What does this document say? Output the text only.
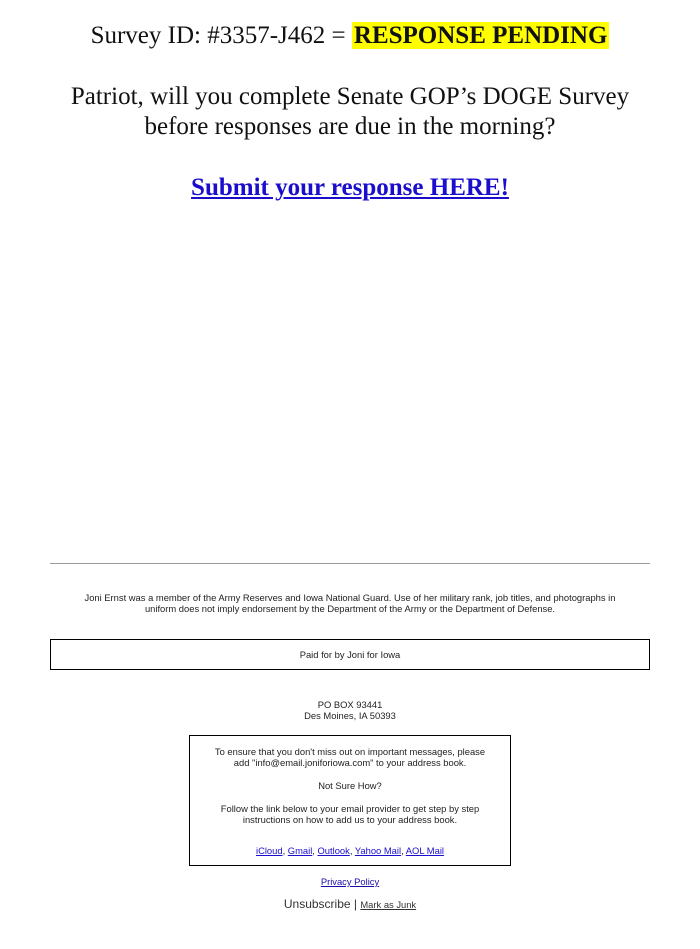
Survey ID: #3357-J462 = RESPONSE PENDING
Patriot, will you complete Senate GOP’s DOGE Survey
before responses are due in the morning?
Submit your response HERE!
Joni Ernst was a member of the Army Reserves and Iowa National Guard. Use of her military rank, job titles, and photographs in
uniform does not imply endorsement by the Department of the Army or the Department of Defense.
Paid for by Joni for Iowa
PO BOX 93441
Des Moines, IA 50393

To ensure that you don't miss out on important messages, please

add "info@email.joniforiowa.com" to your address book.

Not Sure How?

Follow the link below to your email provider to get step by step

instructions on how to add us to your address book.

iCloud, Gmail, Outlook, Yahoo Mail, AOL Mail

Privacy Policy
Unsubscribe | Mark as Junk
